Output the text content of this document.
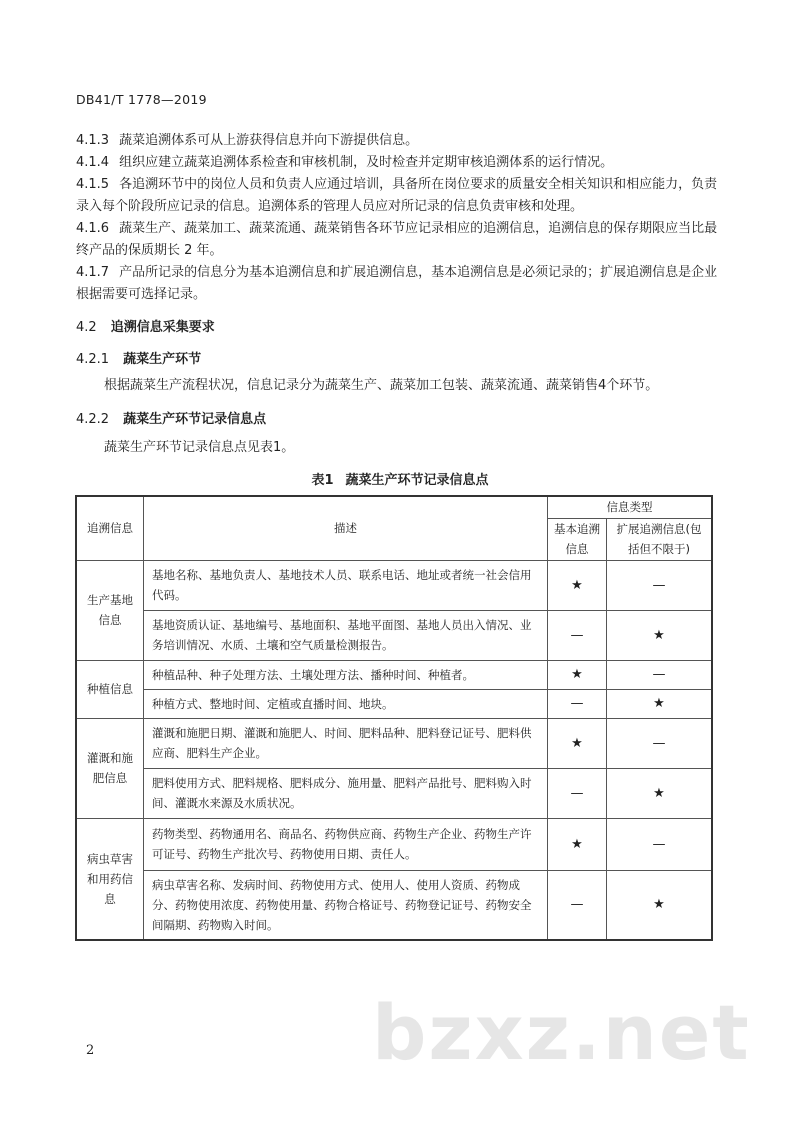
DB41/T 1778—2019
4.1.3 蔬菜追溯体系可从上游获得信息并向下游提供信息。
4.1.4 组织应建立蔬菜追溯体系检查和审核机制，及时检查并定期审核追溯体系的运行情况。
4.1.5 各追溯环节中的岗位人员和负责人应通过培训，具备所在岗位要求的质量安全相关知识和相应能力，负责录入每个阶段所应记录的信息。追溯体系的管理人员应对所记录的信息负责审核和处理。
4.1.6 蔬菜生产、蔬菜加工、蔬菜流通、蔬菜销售各环节应记录相应的追溯信息，追溯信息的保存期限应当比最终产品的保质期长 2 年。
4.1.7 产品所记录的信息分为基本追溯信息和扩展追溯信息，基本追溯信息是必须记录的；扩展追溯信息是企业根据需要可选择记录。
4.2 追溯信息采集要求
4.2.1 蔬菜生产环节
根据蔬菜生产流程状况，信息记录分为蔬菜生产、蔬菜加工包装、蔬菜流通、蔬菜销售4个环节。
4.2.2 蔬菜生产环节记录信息点
蔬菜生产环节记录信息点见表1。
表1 蔬菜生产环节记录信息点
追溯信息	描述	信息类型	
		基本追溯信息	扩展追溯信息(包括但不限于)
生产基地信息	基地名称、基地负责人、基地技术人员、联系电话、地址或者统一社会信用代码。	★	—
	基地资质认证、基地编号、基地面积、基地平面图、基地人员出入情况、业务培训情况、水质、土壤和空气质量检测报告。	—	★
种植信息	种植品种、种子处理方法、土壤处理方法、播种时间、种植者。	★	—
	种植方式、整地时间、定植或直播时间、地块。	—	★
灌溉和施肥信息	灌溉和施肥日期、灌溉和施肥人、时间、肥料品种、肥料登记证号、肥料供应商、肥料生产企业。	★	—
	肥料使用方式、肥料规格、肥料成分、施用量、肥料产品批号、肥料购入时间、灌溉水来源及水质状况。	—	★
病虫草害和用药信息	药物类型、药物通用名、商品名、药物供应商、药物生产企业、药物生产许可证号、药物生产批次号、药物使用日期、责任人。	★	—
	病虫草害名称、发病时间、药物使用方式、使用人、使用人资质、药物成分、药物使用浓度、药物使用量、药物合格证号、药物登记证号、药物安全间隔期、药物购入时间。	—	★
bzxz.net
2
